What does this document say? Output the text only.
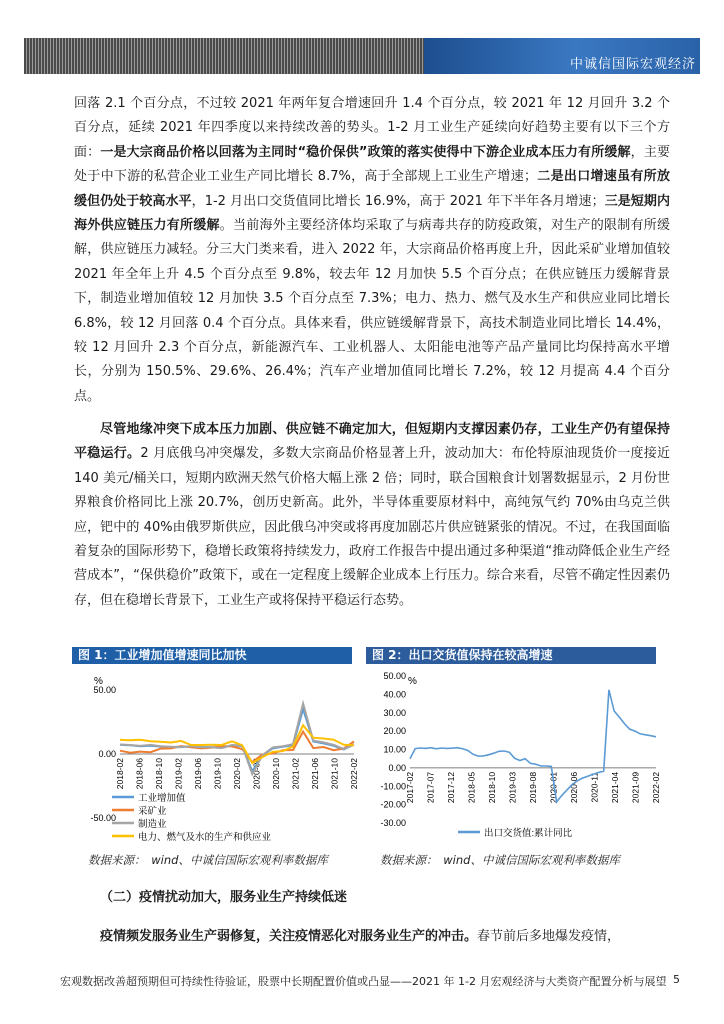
中诚信国际宏观经济

回落 2.1 个百分点，不过较 2021 年两年复合增速回升 1.4 个百分点，较 2021 年 12 月回升 3.2 个百分点，延续 2021 年四季度以来持续改善的势头。1-2 月工业生产延续向好趋势主要有以下三个方面：一是大宗商品价格以回落为主同时“稳价保供”政策的落实使得中下游企业成本压力有所缓解，主要处于中下游的私营企业工业生产同比增长 8.7%，高于全部规上工业生产增速；二是出口增速虽有所放缓但仍处于较高水平，1-2 月出口交货值同比增长 16.9%，高于 2021 年下半年各月增速；三是短期内海外供应链压力有所缓解。当前海外主要经济体均采取了与病毒共存的防疫政策，对生产的限制有所缓解，供应链压力减轻。分三大门类来看，进入 2022 年，大宗商品价格再度上升，因此采矿业增加值较 2021 年全年上升 4.5 个百分点至 9.8%，较去年 12 月加快 5.5 个百分点；在供应链压力缓解背景下，制造业增加值较 12 月加快 3.5 个百分点至 7.3%；电力、热力、燃气及水生产和供应业同比增长 6.8%，较 12 月回落 0.4 个百分点。具体来看，供应链缓解背景下，高技术制造业同比增长 14.4%，较 12 月回升 2.3 个百分点，新能源汽车、工业机器人、太阳能电池等产品产量同比均保持高水平增长，分别为 150.5%、29.6%、26.4%；汽车产业增加值同比增长 7.2%，较 12 月提高 4.4 个百分点。

尽管地缘冲突下成本压力加剧、供应链不确定加大，但短期内支撑因素仍存，工业生产仍有望保持平稳运行。2 月底俄乌冲突爆发，多数大宗商品价格显著上升，波动加大：布伦特原油现货价一度接近 140 美元/桶关口，短期内欧洲天然气价格大幅上涨 2 倍；同时，联合国粮食计划署数据显示，2 月份世界粮食价格同比上涨 20.7%，创历史新高。此外，半导体重要原材料中，高纯氖气约 70%由乌克兰供应，钯中的 40%由俄罗斯供应，因此俄乌冲突或将再度加剧芯片供应链紧张的情况。不过，在我国面临着复杂的国际形势下，稳增长政策将持续发力，政府工作报告中提出通过多种渠道“推动降低企业生产经营成本”，“保供稳价”政策下，或在一定程度上缓解企业成本上行压力。综合来看，尽管不确定性因素仍存，但在稳增长背景下，工业生产或将保持平稳运行态势。

图 1：工业增加值增速同比加快	图 2：出口交货值保持在较高增速
%
50.00
0.00
-50.00
2018-02 2018-06 2018-10 2019-02 2019-06 2019-10 2020-02 2020-06 2020-10 2021-02 2021-06 2021-10 2022-02
工业增加值
采矿业
制造业
电力、燃气及水的生产和供应业
%
50.00
40.00
30.00
20.00
10.00
0.00
-10.00
-20.00
-30.00
2017-02 2017-07 2017-12 2018-05 2018-10 2019-03 2019-08 2020-01 2020-06 2020-11 2021-04 2021-09 2022-02
出口交货值:累计同比
数据来源：　wind、中诚信国际宏观利率数据库	数据来源：　wind、中诚信国际宏观利率数据库
（二）疫情扰动加大，服务业生产持续低迷

疫情频发服务业生产弱修复，关注疫情恶化对服务业生产的冲击。春节前后多地爆发疫情，

宏观数据改善超预期但可持续性待验证，股票中长期配置价值或凸显——2021 年 1-2 月宏观经济与大类资产配置分析与展望 5
